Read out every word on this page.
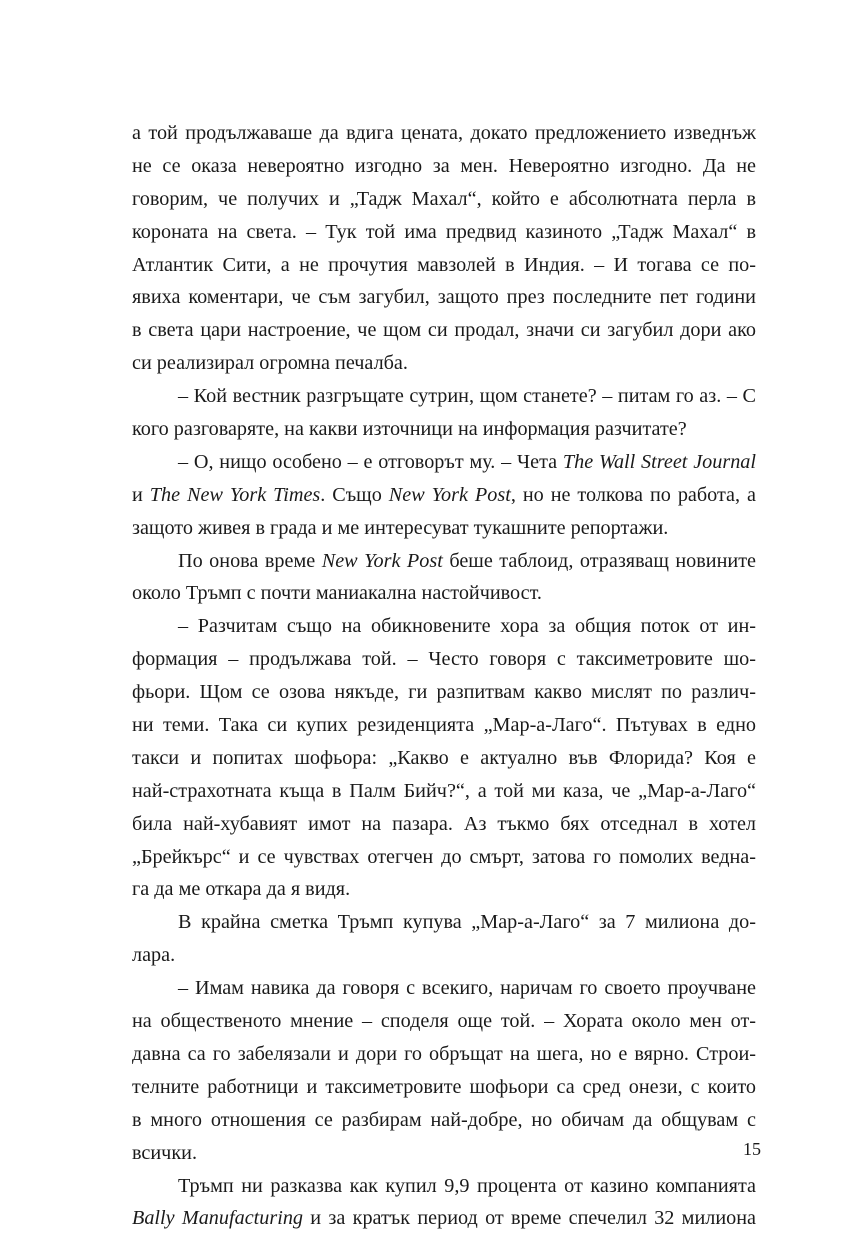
а той продължаваше да вдига цената, докато предложението изведнъж
не се оказа невероятно изгодно за мен. Невероятно изгодно. Да не
говорим, че получих и „Тадж Махал“, който е абсолютната перла в
короната на света. – Тук той има предвид казиното „Тадж Махал“ в
Атлантик Сити, а не прочутия мавзолей в Индия. – И тогава се по-
явиха коментари, че съм загубил, защото през последните пет години
в света цари настроение, че щом си продал, значи си загубил дори ако
си реализирал огромна печалба.
– Кой вестник разгръщате сутрин, щом станете? – питам го аз. – С
кого разговаряте, на какви източници на информация разчитате?
– О, нищо особено – е отговорът му. – Чета The Wall Street Journal
и The New York Times. Също New York Post, но не толкова по работа, а
защото живея в града и ме интересуват тукашните репортажи.
По онова време New York Post беше таблоид, отразяващ новините
около Тръмп с почти маниакална настойчивост.
– Разчитам също на обикновените хора за общия поток от ин-
формация – продължава той. – Често говоря с таксиметровите шо-
фьори. Щом се озова някъде, ги разпитвам какво мислят по различ-
ни теми. Така си купих резиденцията „Мар-а-Лаго“. Пътувах в едно
такси и попитах шофьора: „Какво е актуално във Флорида? Коя е
най-страхотната къща в Палм Бийч?“, а той ми каза, че „Мар-а-Лаго“
била най-хубавият имот на пазара. Аз тъкмо бях отседнал в хотел
„Брейкърс“ и се чувствах отегчен до смърт, затова го помолих ведна-
га да ме откара да я видя.
В крайна сметка Тръмп купува „Мар-а-Лаго“ за 7 милиона до-
лара.
– Имам навика да говоря с всекиго, наричам го своето проучване
на общественото мнение – споделя още той. – Хората около мен от-
давна са го забелязали и дори го обръщат на шега, но е вярно. Строи-
телните работници и таксиметровите шофьори са сред онези, с които
в много отношения се разбирам най-добре, но обичам да общувам с
всички.
Тръмп ни разказва как купил 9,9 процента от казино компанията
Bally Manufacturing и за кратък период от време спечелил 32 милиона
15
